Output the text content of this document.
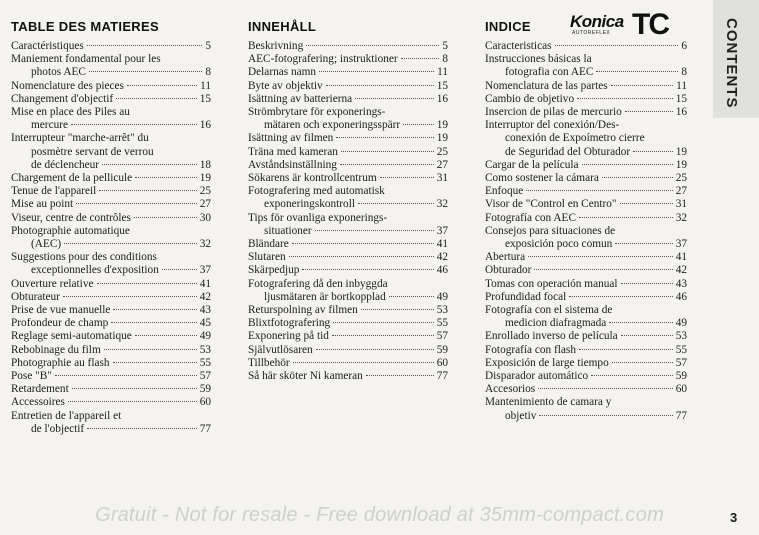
TABLE DES MATIERES	INNEHÅLL	INDICE Konica
AUTOREFLEX TC	CONTENTS
Caractéristiques	5
Maniement fondamental pour les
photos AEC	8
Nomenclature des pieces	11
Changement d'objectif	15
Mise en place des Piles au
mercure	16
Interrupteur "marche-arrêt" du
posmètre servant de verrou
de déclencheur	18
Chargement de la pellicule	19
Tenue de l'appareil	25
Mise au point	27
Viseur, centre de contrôles	30
Photographie automatique
(AEC)	32
Suggestions pour des conditions
exceptionnelles d'exposition	37
Ouverture relative	41
Obturateur	42
Prise de vue manuelle	43
Profondeur de champ	45
Reglage semi-automatique	49
Rebobinage du film	53
Photographie au flash	55
Pose "B"	57
Retardement	59
Accessoires	60
Entretien de l'appareil et
de l'objectif	77
Beskrivning	5
AEC-fotografering; instruktioner	8
Delarnas namn	11
Byte av objektiv	15
Isättning av batterierna	16
Strömbrytare för exponerings-
mätaren och exponeringsspärr	19
Isättning av filmen	19
Träna med kameran	25
Avståndsinställning	27
Sökarens är kontrollcentrum	31
Fotografering med automatisk
exponeringskontroll	32
Tips för ovanliga exponerings-
situationer	37
Bländare	41
Slutaren	42
Skärpedjup	46
Fotografering då den inbyggda
ljusmätaren är bortkopplad	49
Returspolning av filmen	53
Blixtfotografering	55
Exponering på tid	57
Självutlösaren	59
Tillbehör	60
Så här sköter Ni kameran	77
Caracteristicas	6
Instrucciones básicas la
fotografia con AEC	8
Nomenclatura de las partes	11
Cambio de objetivo	15
Insercion de pilas de mercurio	16
Interruptor del conexión/Des-
conexión de Expoímetro cierre
de Seguridad del Obturador	19
Cargar de la película	19
Como sostener la cámara	25
Enfoque	27
Visor de "Control en Centro"	31
Fotografía con AEC	32
Consejos para situaciones de
exposición poco comun	37
Abertura	41
Obturador	42
Tomas con operación manual	43
Profundidad focal	46
Fotografía con el sistema de
medicion diafragmada	49
Enrollado inverso de película	53
Fotografía con flash	55
Exposición de large tiempo	57
Disparador automático	59
Accesorios	60
Mantenimiento de camara y
objetiv	77
Gratuit - Not for resale - Free download at 35mm-compact.com	3
